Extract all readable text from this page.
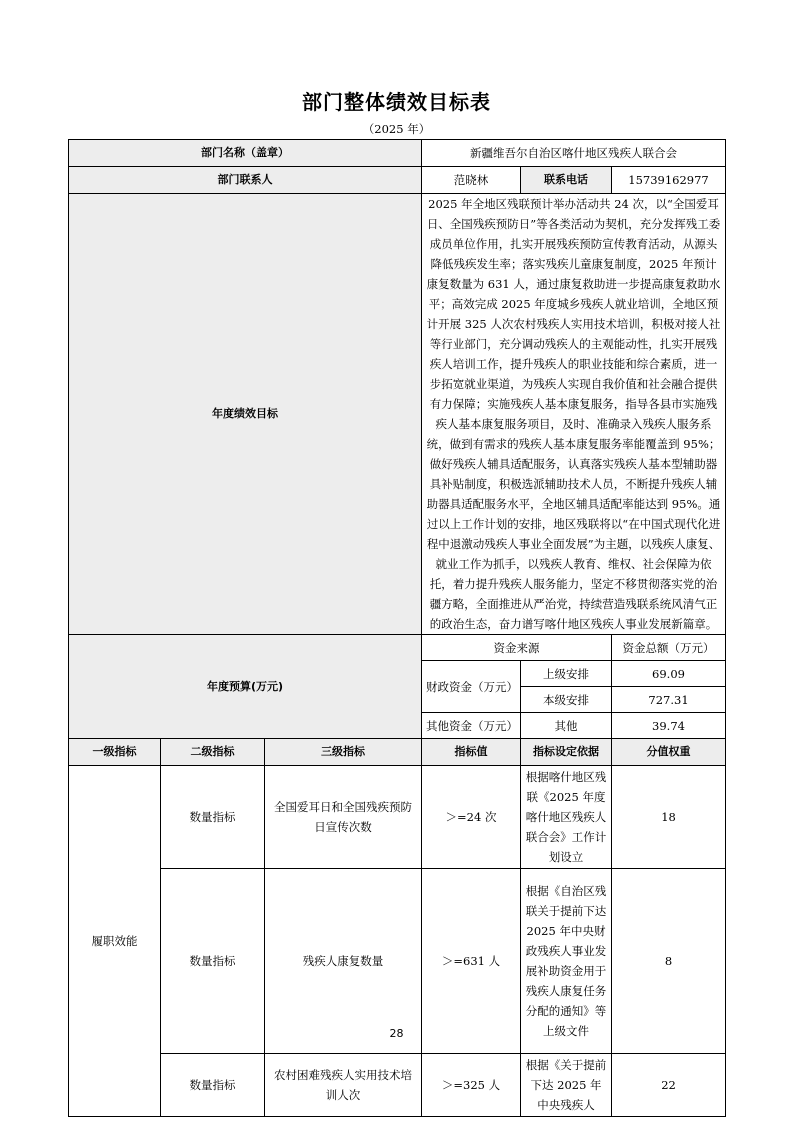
部门整体绩效目标表
（2025 年）
部门名称（盖章）			新疆维吾尔自治区喀什地区残疾人联合会		
部门联系人			范晓林	联系电话	15739162977
年度绩效目标			2025 年全地区残联预计举办活动共 24 次，以“全国爱耳日、全国残疾预防日”等各类活动为契机，充分发挥残工委成员单位作用，扎实开展残疾预防宣传教育活动，从源头降低残疾发生率；落实残疾儿童康复制度，2025 年预计康复数量为 631 人，通过康复救助进一步提高康复救助水平；高效完成 2025 年度城乡残疾人就业培训，全地区预计开展 325 人次农村残疾人实用技术培训，积极对接人社等行业部门，充分调动残疾人的主观能动性，扎实开展残疾人培训工作，提升残疾人的职业技能和综合素质，进一步拓宽就业渠道，为残疾人实现自我价值和社会融合提供有力保障；实施残疾人基本康复服务，指导各县市实施残疾人基本康复服务项目，及时、准确录入残疾人服务系统，做到有需求的残疾人基本康复服务率能覆盖到 95%；做好残疾人辅具适配服务，认真落实残疾人基本型辅助器具补贴制度，积极选派辅助技术人员，不断提升残疾人辅助器具适配服务水平，全地区辅具适配率能达到 95%。通过以上工作计划的安排，地区残联将以“在中国式现代化进程中退激动残疾人事业全面发展”为主题，以残疾人康复、就业工作为抓手，以残疾人教育、维权、社会保障为依托，着力提升残疾人服务能力，坚定不移贯彻落实党的治疆方略，全面推进从严治党，持续营造残联系统风清气正的政治生态，奋力谱写喀什地区残疾人事业发展新篇章。		
年度预算(万元)			资金来源		资金总额（万元）
			财政资金（万元）	上级安排	69.09
				本级安排	727.31
			其他资金（万元）	其他	39.74
一级指标	二级指标	三级指标	指标值	指标设定依据	分值权重
履职效能	数量指标	全国爱耳日和全国残疾预防日宣传次数	＞=24 次	根据喀什地区残联《2025 年度喀什地区残疾人联合会》工作计划设立	18
	数量指标	残疾人康复数量	＞=631 人	根据《自治区残联关于提前下达 2025 年中央财政残疾人事业发展补助资金用于残疾人康复任务分配的通知》等上级文件	8
	数量指标	农村困难残疾人实用技术培训人次	＞=325 人	根据《关于提前下达 2025 年中央残疾人	22
28
